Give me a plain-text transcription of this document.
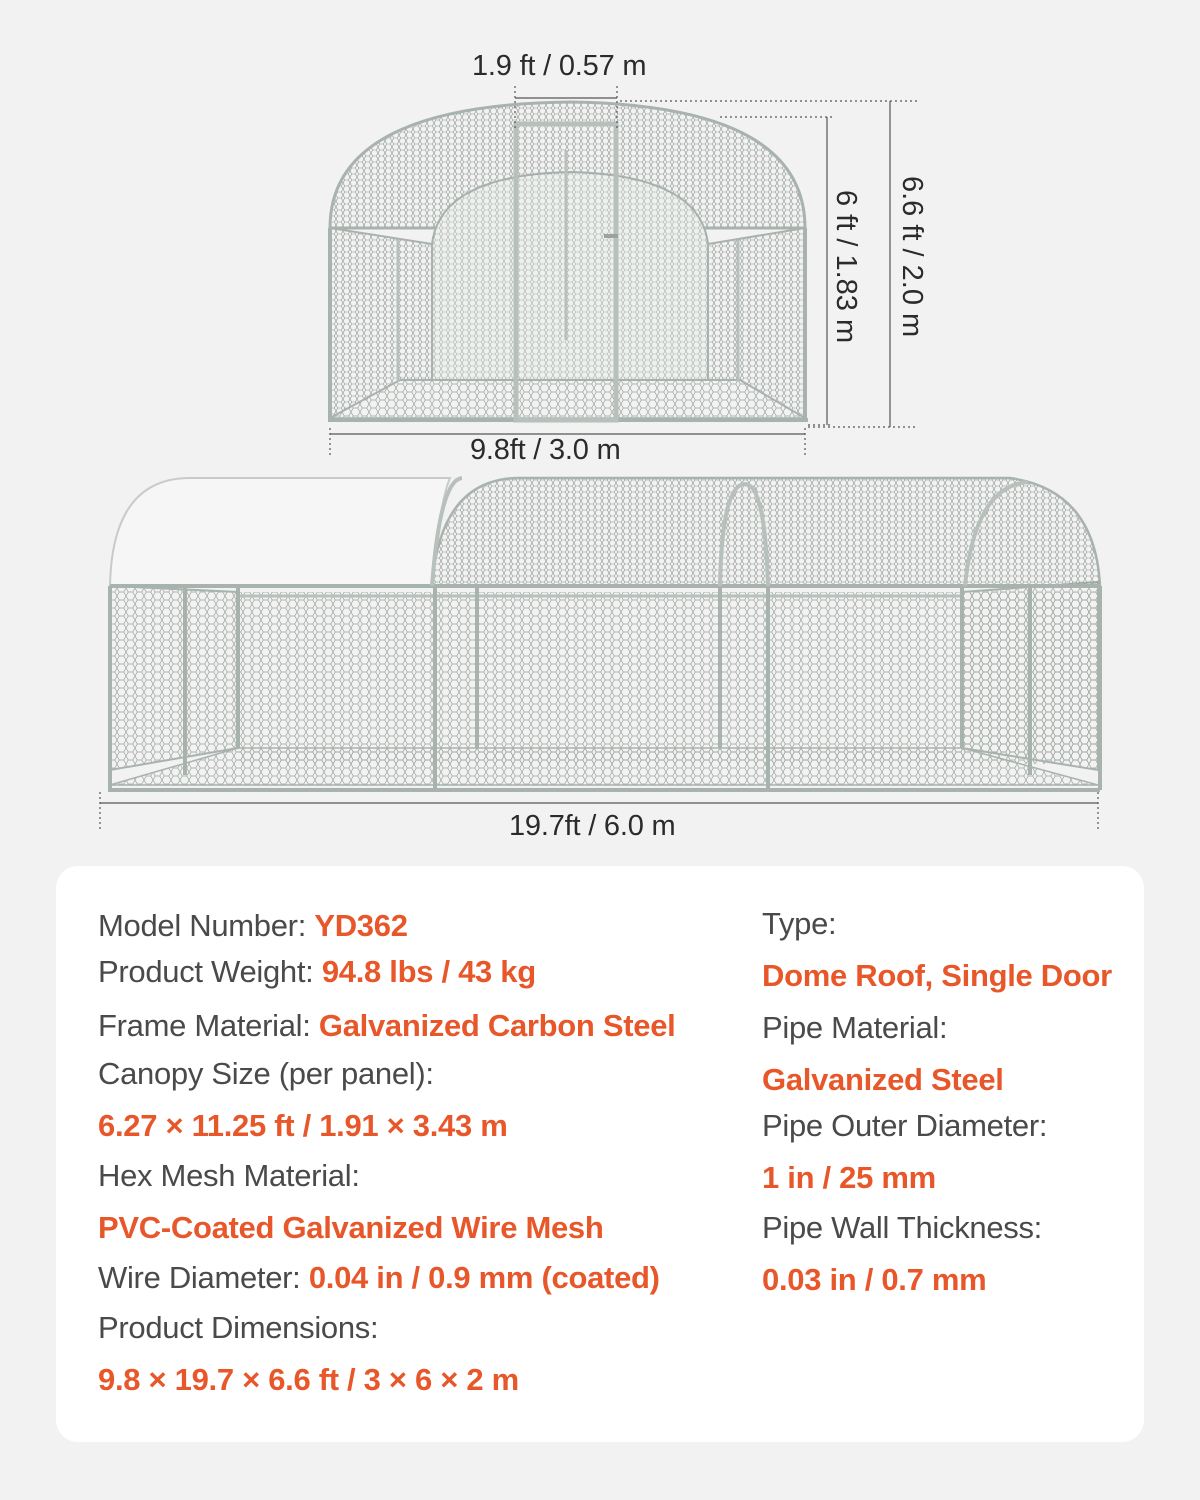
1.9 ft / 0.57 m
6 ft / 1.83 m 6.6 ft / 2.0 m
9.8ft / 3.0 m
19.7ft / 6.0 m
Model Number: YD362
Product Weight: 94.8 lbs / 43 kg
Frame Material: Galvanized Carbon Steel
Canopy Size (per panel):
6.27 × 11.25 ft / 1.91 × 3.43 m
Hex Mesh Material:
PVC-Coated Galvanized Wire Mesh
Wire Diameter: 0.04 in / 0.9 mm (coated)
Product Dimensions:
9.8 × 19.7 × 6.6 ft / 3 × 6 × 2 m
Type:
Dome Roof, Single Door
Pipe Material:
Galvanized Steel
Pipe Outer Diameter:
1 in / 25 mm
Pipe Wall Thickness:
0.03 in / 0.7 mm
